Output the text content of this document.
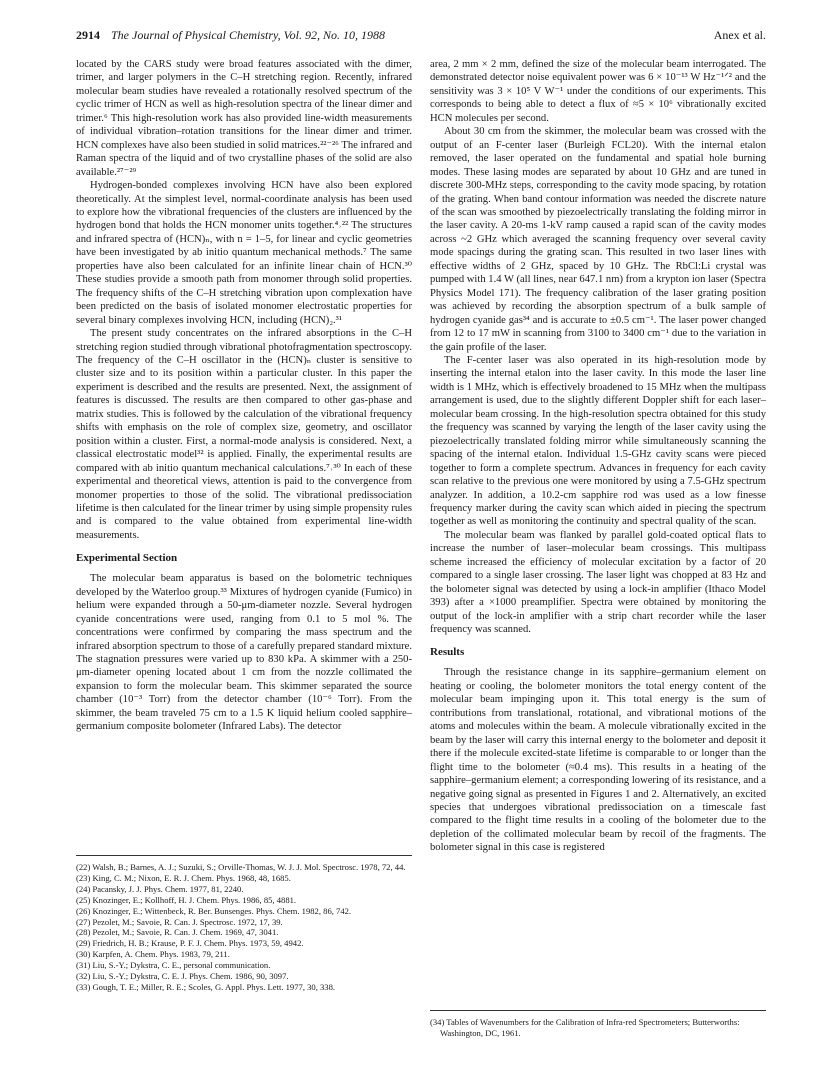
2914 The Journal of Physical Chemistry, Vol. 92, No. 10, 1988	Anex et al.

located by the CARS study were broad features associated with the dimer, trimer, and larger polymers in the C–H stretching region. Recently, infrared molecular beam studies have revealed a rotationally resolved spectrum of the cyclic trimer of HCN as well as high-resolution spectra of the linear dimer and trimer.⁶ This high-resolution work has also provided line-width measurements of individual vibration–rotation transitions for the linear dimer and trimer. HCN complexes have also been studied in solid matrices.²²⁻²⁶ The infrared and Raman spectra of the liquid and of two crystalline phases of the solid are also available.²⁷⁻²⁹

Hydrogen-bonded complexes involving HCN have also been explored theoretically. At the simplest level, normal-coordinate analysis has been used to explore how the vibrational frequencies of the clusters are influenced by the hydrogen bond that holds the HCN monomer units together.⁴˒²² The structures and infrared spectra of (HCN)ₙ, with n = 1–5, for linear and cyclic geometries have been investigated by ab initio quantum mechanical methods.⁷ The same properties have also been calculated for an infinite linear chain of HCN.³⁰ These studies provide a smooth path from monomer through solid properties. The frequency shifts of the C–H stretching vibration upon complexation have been predicted on the basis of isolated monomer electrostatic properties for several binary complexes involving HCN, including (HCN)₂.³¹

The present study concentrates on the infrared absorptions in the C–H stretching region studied through vibrational photofragmentation spectroscopy. The frequency of the C–H oscillator in the (HCN)ₙ cluster is sensitive to cluster size and to its position within a particular cluster. In this paper the experiment is described and the results are presented. Next, the assignment of features is discussed. The results are then compared to other gas-phase and matrix studies. This is followed by the calculation of the vibrational frequency shifts with emphasis on the role of complex size, geometry, and oscillator position within a cluster. First, a normal-mode analysis is considered. Next, a classical electrostatic model³² is applied. Finally, the experimental results are compared with ab initio quantum mechanical calculations.⁷˒³⁰ In each of these experimental and theoretical views, attention is paid to the convergence from monomer properties to those of the solid. The vibrational predissociation lifetime is then calculated for the linear trimer by using simple propensity rules and is compared to the value obtained from experimental line-width measurements.

Experimental Section

The molecular beam apparatus is based on the bolometric techniques developed by the Waterloo group.³³ Mixtures of hydrogen cyanide (Fumico) in helium were expanded through a 50-μm-diameter nozzle. Several hydrogen cyanide concentrations were used, ranging from 0.1 to 5 mol %. The concentrations were confirmed by comparing the mass spectrum and the infrared absorption spectrum to those of a carefully prepared standard mixture. The stagnation pressures were varied up to 830 kPa. A skimmer with a 250-μm-diameter opening located about 1 cm from the nozzle collimated the expansion to form the molecular beam. This skimmer separated the source chamber (10⁻³ Torr) from the detector chamber (10⁻⁶ Torr). From the skimmer, the beam traveled 75 cm to a 1.5 K liquid helium cooled sapphire–germanium composite bolometer (Infrared Labs). The detector

(22) Walsh, B.; Barnes, A. J.; Suzuki, S.; Orville-Thomas, W. J. J. Mol. Spectrosc. 1978, 72, 44.

(23) King, C. M.; Nixon, E. R. J. Chem. Phys. 1968, 48, 1685.

(24) Pacansky, J. J. Phys. Chem. 1977, 81, 2240.

(25) Knozinger, E.; Kollhoff, H. J. Chem. Phys. 1986, 85, 4881.

(26) Knozinger, E.; Wittenbeck, R. Ber. Bunsenges. Phys. Chem. 1982, 86, 742.

(27) Pezolet, M.; Savoie, R. Can. J. Spectrosc. 1972, 17, 39.

(28) Pezolet, M.; Savoie, R. Can. J. Chem. 1969, 47, 3041.

(29) Friedrich, H. B.; Krause, P. F. J. Chem. Phys. 1973, 59, 4942.

(30) Karpfen, A. Chem. Phys. 1983, 79, 211.

(31) Liu, S.-Y.; Dykstra, C. E., personal communication.

(32) Liu, S.-Y.; Dykstra, C. E. J. Phys. Chem. 1986, 90, 3097.

(33) Gough, T. E.; Miller, R. E.; Scoles, G. Appl. Phys. Lett. 1977, 30, 338.

area, 2 mm × 2 mm, defined the size of the molecular beam interrogated. The demonstrated detector noise equivalent power was 6 × 10⁻¹³ W Hz⁻¹ᐟ² and the sensitivity was 3 × 10⁵ V W⁻¹ under the conditions of our experiments. This corresponds to being able to detect a flux of ≈5 × 10⁶ vibrationally excited HCN molecules per second.

About 30 cm from the skimmer, the molecular beam was crossed with the output of an F-center laser (Burleigh FCL20). With the internal etalon removed, the laser operated on the fundamental and spatial hole burning modes. These lasing modes are separated by about 10 GHz and are tuned in discrete 300-MHz steps, corresponding to the cavity mode spacing, by rotation of the grating. When band contour information was needed the discrete nature of the scan was smoothed by piezoelectrically translating the folding mirror in the laser cavity. A 20-ms 1-kV ramp caused a rapid scan of the cavity modes across ~2 GHz which averaged the scanning frequency over several cavity mode spacings during the grating scan. This resulted in two laser lines with effective widths of 2 GHz, spaced by 10 GHz. The RbCl:Li crystal was pumped with 1.4 W (all lines, near 647.1 nm) from a krypton ion laser (Spectra Physics Model 171). The frequency calibration of the laser grating position was achieved by recording the absorption spectrum of a bulk sample of hydrogen cyanide gas³⁴ and is accurate to ±0.5 cm⁻¹. The laser power changed from 12 to 17 mW in scanning from 3100 to 3400 cm⁻¹ due to the variation in the gain profile of the laser.

The F-center laser was also operated in its high-resolution mode by inserting the internal etalon into the laser cavity. In this mode the laser line width is 1 MHz, which is effectively broadened to 15 MHz when the multipass arrangement is used, due to the slightly different Doppler shift for each laser–molecular beam crossing. In the high-resolution spectra obtained for this study the frequency was scanned by varying the length of the laser cavity using the piezoelectrically translated folding mirror while simultaneously scanning the spacing of the internal etalon. Individual 1.5-GHz cavity scans were pieced together to form a complete spectrum. Advances in frequency for each cavity scan relative to the previous one were monitored by using a 7.5-GHz spectrum analyzer. In addition, a 10.2-cm sapphire rod was used as a low finesse frequency marker during the cavity scan which aided in piecing the spectrum together as well as monitoring the continuity and spectral quality of the scan.

The molecular beam was flanked by parallel gold-coated optical flats to increase the number of laser–molecular beam crossings. This multipass scheme increased the efficiency of molecular excitation by a factor of 20 compared to a single laser crossing. The laser light was chopped at 83 Hz and the bolometer signal was detected by using a lock-in amplifier (Ithaco Model 393) after a ×1000 preamplifier. Spectra were obtained by monitoring the output of the lock-in amplifier with a strip chart recorder while the laser frequency was scanned.

Results

Through the resistance change in its sapphire–germanium element on heating or cooling, the bolometer monitors the total energy content of the molecular beam impinging upon it. This total energy is the sum of contributions from translational, rotational, and vibrational motions of the atoms and molecules within the beam. A molecule vibrationally excited in the beam by the laser will carry this internal energy to the bolometer and deposit it there if the molecule excited-state lifetime is comparable to or longer than the flight time to the bolometer (≈0.4 ms). This results in a heating of the sapphire–germanium element; a corresponding lowering of its resistance, and a negative going signal as presented in Figures 1 and 2. Alternatively, an excited species that undergoes vibrational predissociation on a timescale fast compared to the flight time results in a cooling of the bolometer due to the depletion of the collimated molecular beam by recoil of the fragments. The bolometer signal in this case is registered

(34) Tables of Wavenumbers for the Calibration of Infra-red Spectrometers; Butterworths: Washington, DC, 1961.
